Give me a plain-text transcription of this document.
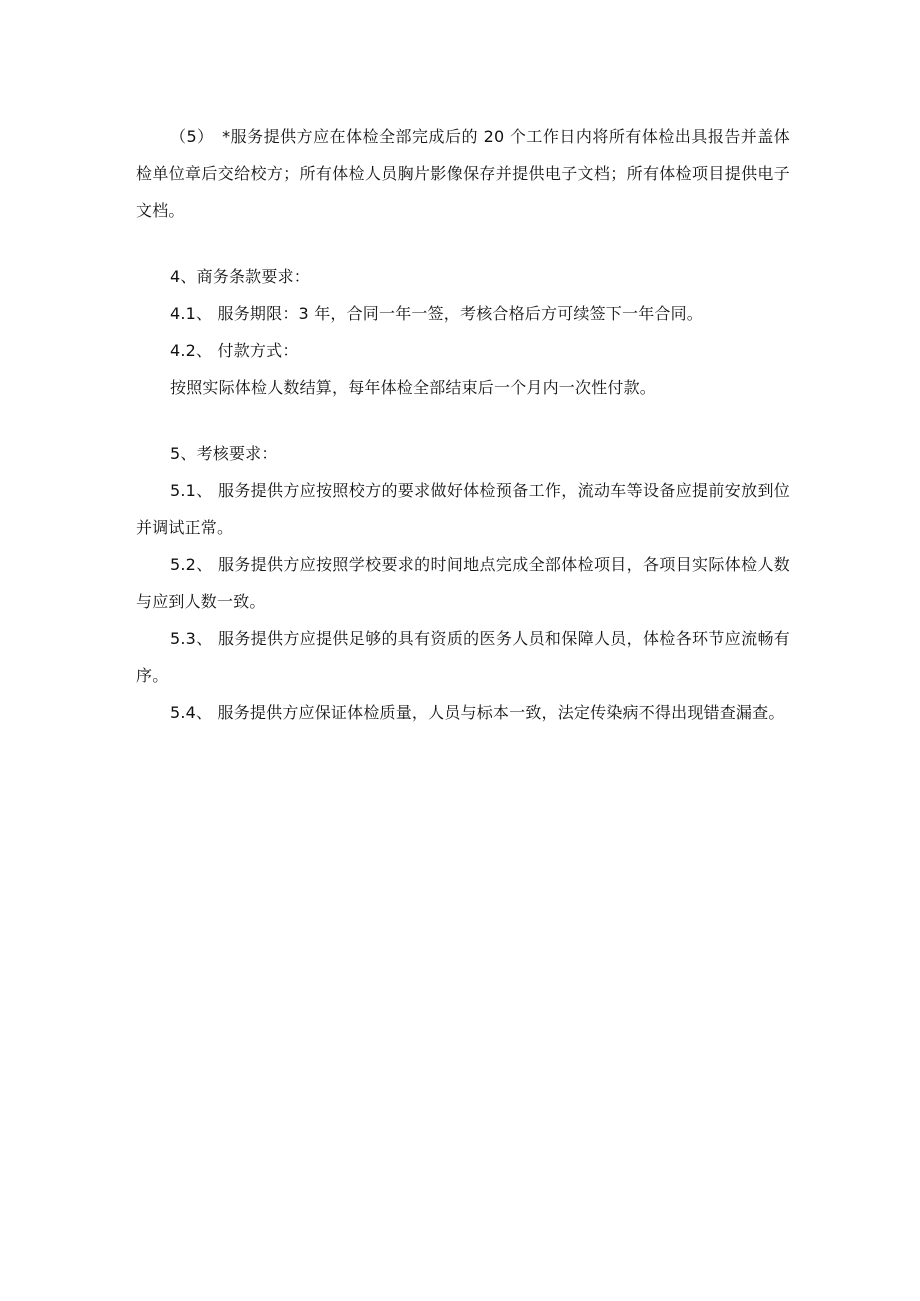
（5）　*服务提供方应在体检全部完成后的 20 个工作日内将所有体检出具报告并盖体检单位章后交给校方；所有体检人员胸片影像保存并提供电子文档；所有体检项目提供电子文档。

4、商务条款要求：

4.1、 服务期限：3 年，合同一年一签，考核合格后方可续签下一年合同。

4.2、 付款方式：

按照实际体检人数结算，每年体检全部结束后一个月内一次性付款。

5、考核要求：

5.1、 服务提供方应按照校方的要求做好体检预备工作，流动车等设备应提前安放到位并调试正常。

5.2、 服务提供方应按照学校要求的时间地点完成全部体检项目，各项目实际体检人数与应到人数一致。

5.3、 服务提供方应提供足够的具有资质的医务人员和保障人员，体检各环节应流畅有序。

5.4、 服务提供方应保证体检质量，人员与标本一致，法定传染病不得出现错查漏查。
